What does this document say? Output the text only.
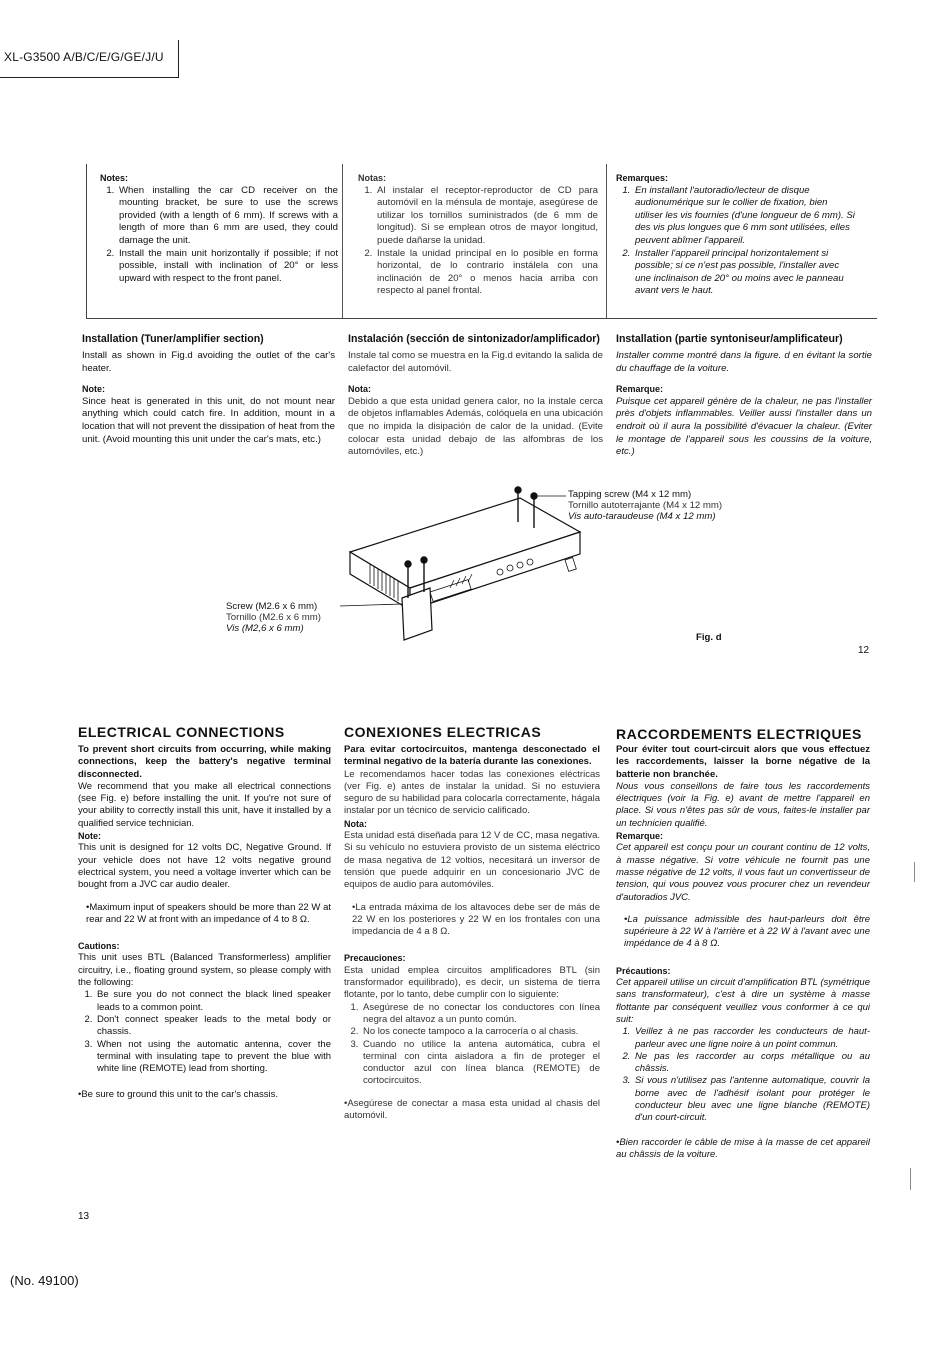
XL-G3500 A/B/C/E/G/GE/J/U

Notes:

1. When installing the car CD receiver on the mounting bracket, be sure to use the screws provided (with a length of 6 mm). If screws with a length of more than 6 mm are used, they could damage the unit.
2. Install the main unit horizontally if possible; if not possible, install with inclination of 20° or less upward with respect to the front panel.

Notas:

1. Al instalar el receptor-reproductor de CD para automóvil en la ménsula de montaje, asegúrese de utilizar los tornillos suministrados (de 6 mm de longitud). Si se emplean otros de mayor longitud, puede dañarse la unidad.
2. Instale la unidad principal en lo posible en forma horizontal, de lo contrario instálela con una inclinación de 20° o menos hacia arriba con respecto al panel frontal.

Remarques:

1. En installant l'autoradio/lecteur de disque audionumérique sur le collier de fixation, bien utiliser les vis fournies (d'une longueur de 6 mm). Si des vis plus longues que 6 mm sont utilisées, elles peuvent abîmer l'appareil.
2. Installer l'appareil principal horizontalement si possible; si ce n'est pas possible, l'installer avec une inclinaison de 20° ou moins avec le panneau avant vers le haut.

Installation (Tuner/amplifier section)

Install as shown in Fig.d avoiding the outlet of the car's heater.

Note:

Since heat is generated in this unit, do not mount near anything which could catch fire. In addition, mount in a location that will not prevent the dissipation of heat from the unit. (Avoid mounting this unit under the car's mats, etc.)

Instalación (sección de sintonizador/amplificador)

Instale tal como se muestra en la Fig.d evitando la salida de calefactor del automóvil.

Nota:

Debido a que esta unidad genera calor, no la instale cerca de objetos inflamables Además, colóquela en una ubicación que no impida la disipación de calor de la unidad. (Evite colocar esta unidad debajo de las alfombras de los automóviles, etc.)

Installation (partie syntoniseur/amplificateur)

Installer comme montré dans la figure. d en évitant la sortie du chauffage de la voiture.

Remarque:

Puisque cet appareil génère de la chaleur, ne pas l'installer près d'objets inflammables. Veiller aussi l'installer dans un endroit où il aura la possibilité d'évacuer la chaleur. (Eviter le montage de l'appareil sous les coussins de la voiture, etc.)

Tapping screw (M4 x 12 mm)
Tornillo autoterrajante (M4 x 12 mm)
Vis auto-taraudeuse (M4 x 12 mm)
Screw (M2.6 x 6 mm)
Tornillo (M2.6 x 6 mm)
Vis (M2,6 x 6 mm)
Fig. d
12
ELECTRICAL CONNECTIONS	CONEXIONES ELECTRICAS	RACCORDEMENTS ELECTRIQUES

To prevent short circuits from occurring, while making connections, keep the battery's negative terminal disconnected.

We recommend that you make all electrical connections (see Fig. e) before installing the unit. If you're not sure of your ability to correctly install this unit, have it installed by a qualified service technician.

Note:

This unit is designed for 12 volts DC, Negative Ground. If your vehicle does not have 12 volts negative ground electrical system, you need a voltage inverter which can be bought from a JVC car audio dealer.

• Maximum input of speakers should be more than 22 W at rear and 22 W at front with an impedance of 4 to 8 Ω.

Cautions:

This unit uses BTL (Balanced Transformerless) amplifier circuitry, i.e., floating ground system, so please comply with the following:

1. Be sure you do not connect the black lined speaker leads to a common point.
2. Don't connect speaker leads to the metal body or chassis.
3. When not using the automatic antenna, cover the terminal with insulating tape to prevent the blue with white line (REMOTE) lead from shorting.

• Be sure to ground this unit to the car's chassis.

Para evitar cortocircuitos, mantenga desconectado el terminal negativo de la batería durante las conexiones.

Le recomendamos hacer todas las conexiones eléctricas (ver Fig. e) antes de instalar la unidad. Si no estuviera seguro de su habilidad para colocarla correctamente, hágala instalar por un técnico de servicio calificado.

Nota:

Esta unidad está diseñada para 12 V de CC, masa negativa. Si su vehículo no estuviera provisto de un sistema eléctrico de masa negativa de 12 voltios, necesitará un inversor de tensión que puede adquirir en un concesionario JVC de equipos de audio para automóviles.

• La entrada máxima de los altavoces debe ser de más de 22 W en los posteriores y 22 W en los frontales con una impedancia de 4 a 8 Ω.

Precauciones:

Esta unidad emplea circuitos amplificadores BTL (sin transformador equilibrado), es decir, un sistema de tierra flotante, por lo tanto, debe cumplir con lo siguiente:

1. Asegúrese de no conectar los conductores con línea negra del altavoz a un punto común.
2. No los conecte tampoco a la carrocería o al chasis.
3. Cuando no utilice la antena automática, cubra el terminal con cinta aisladora a fin de proteger el conductor azul con línea blanca (REMOTE) de cortocircuitos.

• Asegúrese de conectar a masa esta unidad al chasis del automóvil.

Pour éviter tout court-circuit alors que vous effectuez les raccordements, laisser la borne négative de la batterie non branchée.

Nous vous conseillons de faire tous les raccordements électriques (voir la Fig. e) avant de mettre l'appareil en place. Si vous n'êtes pas sûr de vous, faites-le installer par un technicien qualifié.

Remarque:

Cet appareil est conçu pour un courant continu de 12 volts, à masse négative. Si votre véhicule ne fournit pas une masse négative de 12 volts, il vous faut un convertisseur de tension, qui vous pouvez vous procurer chez un revendeur d'autoradios JVC.

• La puissance admissible des haut-parleurs doit être supérieure à 22 W à l'arrière et à 22 W à l'avant avec une impédance de 4 à 8 Ω.

Précautions:

Cet appareil utilise un circuit d'amplification BTL (symétrique sans transformateur), c'est à dire un système à masse flottante par conséquent veuillez vous conformer à ce qui suit:

1. Veillez à ne pas raccorder les conducteurs de haut-parleur avec une ligne noire à un point commun.
2. Ne pas les raccorder au corps métallique ou au châssis.
3. Si vous n'utilisez pas l'antenne automatique, couvrir la borne avec de l'adhésif isolant pour protéger le conducteur bleu avec une ligne blanche (REMOTE) d'un court-circuit.

• Bien raccorder le câble de mise à la masse de cet appareil au châssis de la voiture.

13
(No. 49100)
